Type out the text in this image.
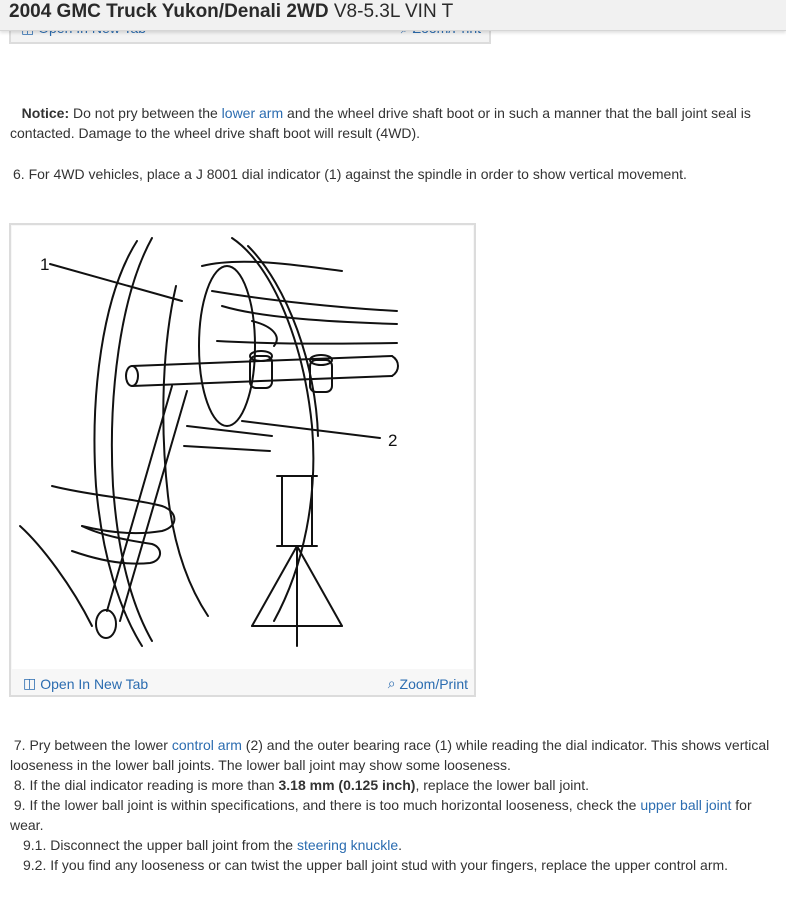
2004 GMC Truck Yukon/Denali 2WD V8-5.3L VIN T
Notice: Do not pry between the lower arm and the wheel drive shaft boot or in such a manner that the ball joint seal is contacted. Damage to the wheel drive shaft boot will result (4WD).
6. For 4WD vehicles, place a J 8001 dial indicator (1) against the spindle in order to show vertical movement.
1
2
◫ Open In New Tab	⌕ Zoom/Print
7. Pry between the lower control arm (2) and the outer bearing race (1) while reading the dial indicator. This shows vertical looseness in the lower ball joints. The lower ball joint may show some looseness.
8. If the dial indicator reading is more than 3.18 mm (0.125 inch), replace the lower ball joint.
9. If the lower ball joint is within specifications, and there is too much horizontal looseness, check the upper ball joint for wear.
9.1. Disconnect the upper ball joint from the steering knuckle.
9.2. If you find any looseness or can twist the upper ball joint stud with your fingers, replace the upper control arm.
